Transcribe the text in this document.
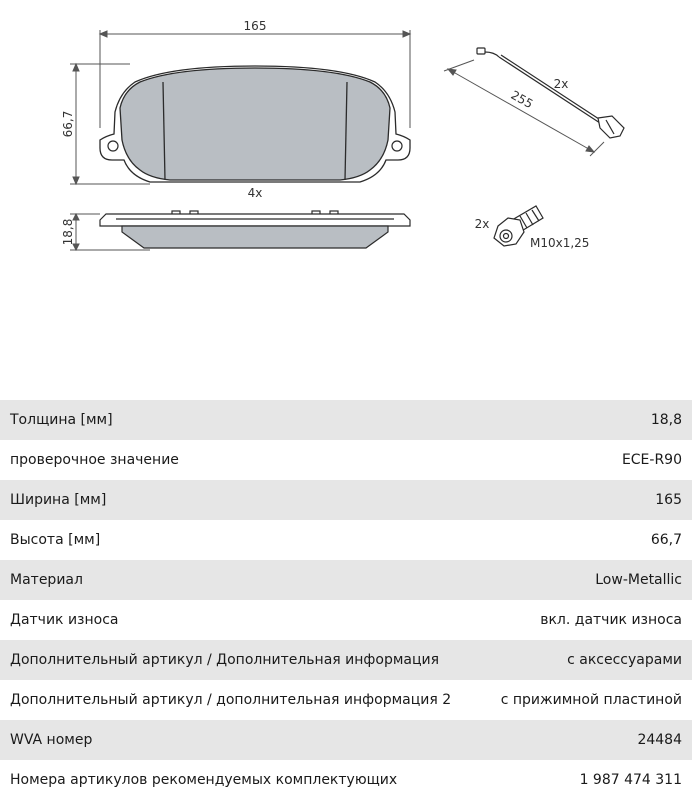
165
66,7
4x
18,8
255
2x
2x
M10x1,25
Толщина [мм]	18,8
проверочное значение	ECE-R90
Ширина [мм]	165
Высота [мм]	66,7
Материал	Low-Metallic
Датчик износа	вкл. датчик износа
Дополнительный артикул / Дополнительная информация	с аксессуарами
Дополнительный артикул / дополнительная информация 2	с прижимной пластиной
WVA номер	24484
Номера артикулов рекомендуемых комплектующих	1 987 474 311
